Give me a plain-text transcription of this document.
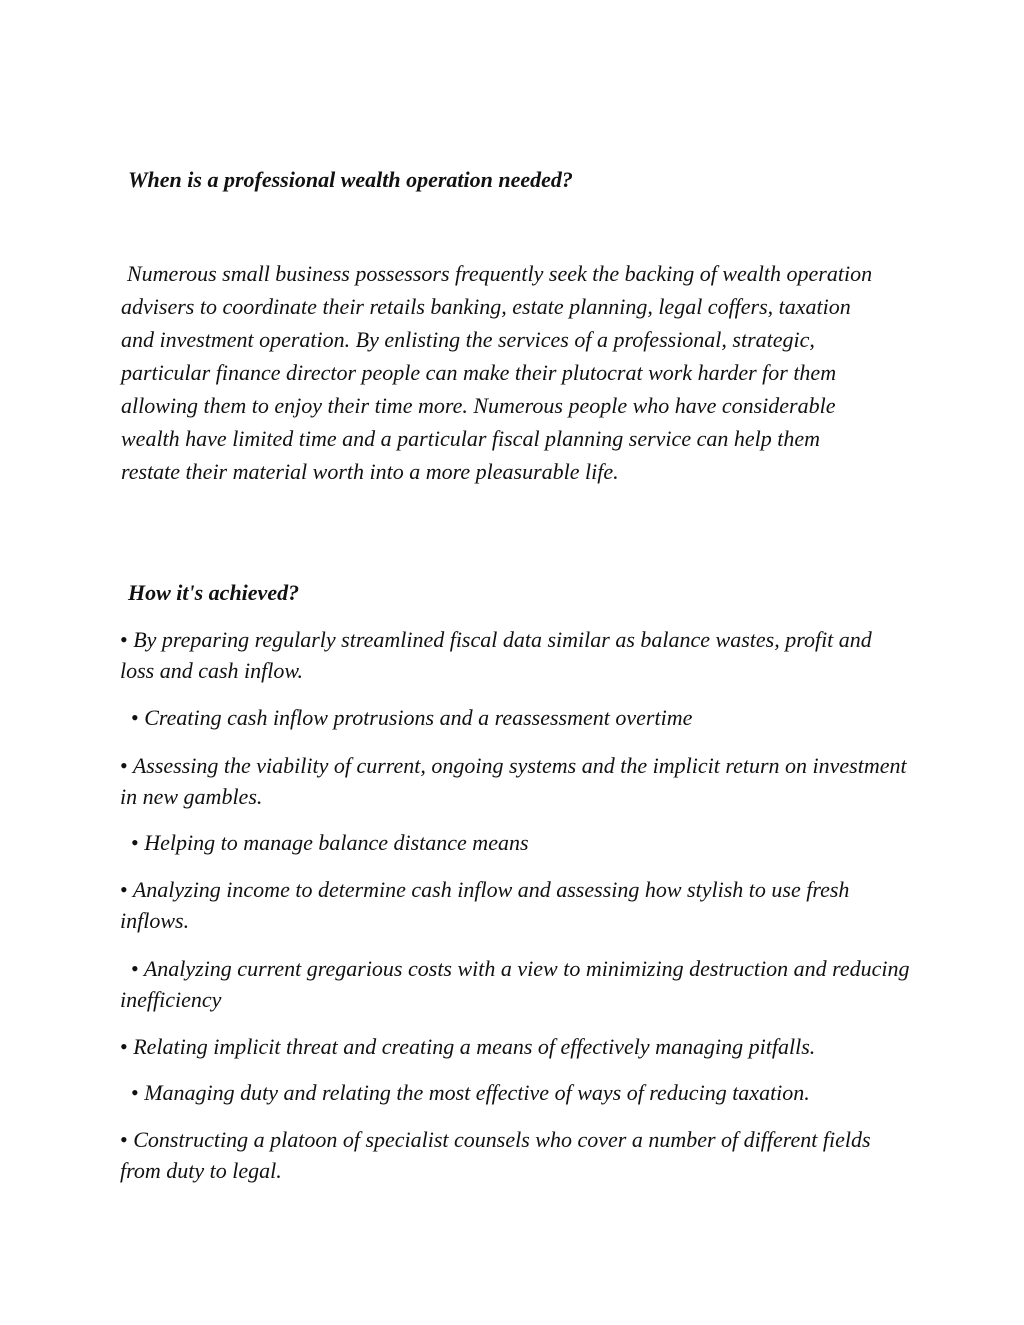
When is a professional wealth operation needed?

Numerous small business possessors frequently seek the backing of wealth operation advisers to coordinate their retails banking, estate planning, legal coffers, taxation and investment operation. By enlisting the services of a professional, strategic, particular finance director people can make their plutocrat work harder for them allowing them to enjoy their time more. Numerous people who have considerable wealth have limited time and a particular fiscal planning service can help them restate their material worth into a more pleasurable life.

How it's achieved?
• By preparing regularly streamlined fiscal data similar as balance wastes, profit and loss and cash inflow.
• Creating cash inflow protrusions and a reassessment overtime
• Assessing the viability of current, ongoing systems and the implicit return on investment in new gambles.
• Helping to manage balance distance means
• Analyzing income to determine cash inflow and assessing how stylish to use fresh inflows.
• Analyzing current gregarious costs with a view to minimizing destruction and reducing inefficiency
• Relating implicit threat and creating a means of effectively managing pitfalls.
• Managing duty and relating the most effective of ways of reducing taxation.
• Constructing a platoon of specialist counsels who cover a number of different fields from duty to legal.
